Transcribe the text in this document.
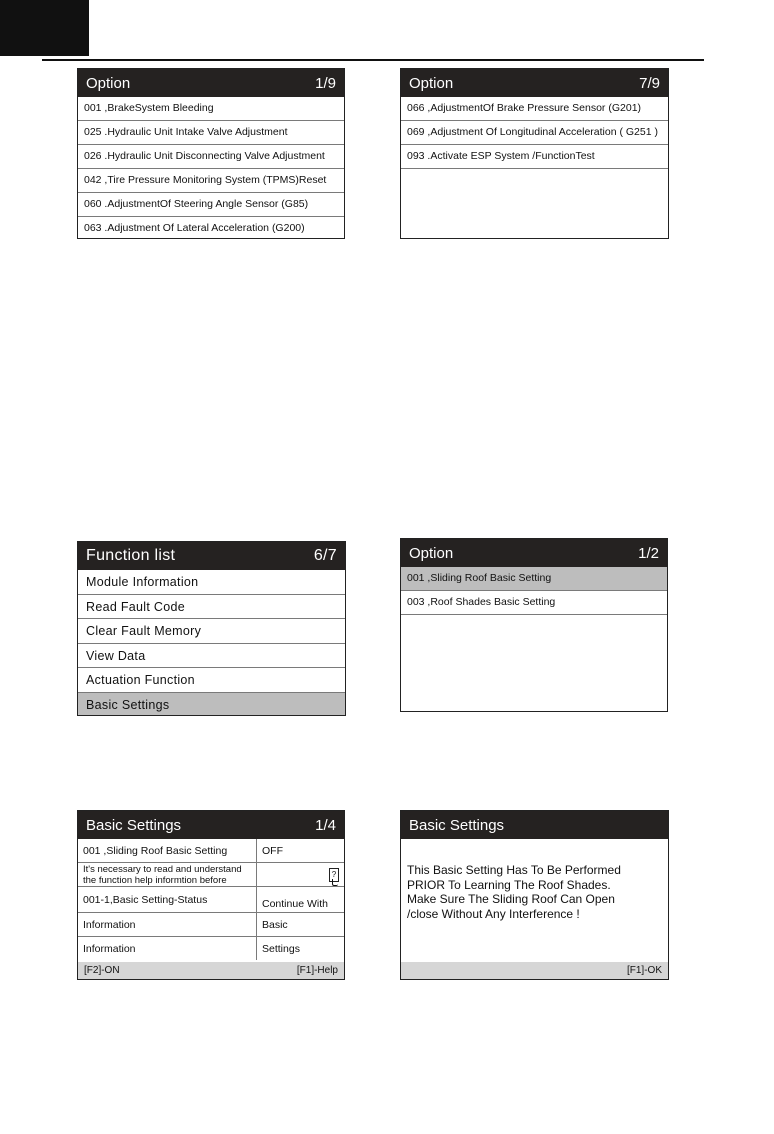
Option	1/9
001 ,BrakeSystem Bleeding
025 .Hydraulic Unit Intake Valve Adjustment
026 .Hydraulic Unit Disconnecting Valve Adjustment
042 ,Tire Pressure Monitoring System (TPMS)Reset
060 .AdjustmentOf Steering Angle Sensor (G85)
063 .Adjustment Of Lateral Acceleration (G200)
Option	7/9
066 ,AdjustmentOf Brake Pressure Sensor (G201)
069 ,Adjustment Of Longitudinal Acceleration ( G251 )
093 .Activate ESP System /FunctionTest
Function list	6/7
Module Information
Read Fault Code
Clear Fault Memory
View Data
Actuation Function
Basic Settings
Option	1/2
001 ,Sliding Roof Basic Setting
003 ,Roof Shades Basic Setting
Basic Settings	1/4
001 ,Sliding Roof Basic Setting	OFF
It's necessary to read and understand the function help informtion before	?

001-1,Basic Setting-Status	Continue With
Information	Basic
Information	Settings
[F2]-ON	[F1]-Help
Basic Settings
This Basic Setting Has To Be Performed
PRIOR To Learning The Roof Shades.
Make Sure The Sliding Roof Can Open
/close Without Any Interference !
[F1]-OK
